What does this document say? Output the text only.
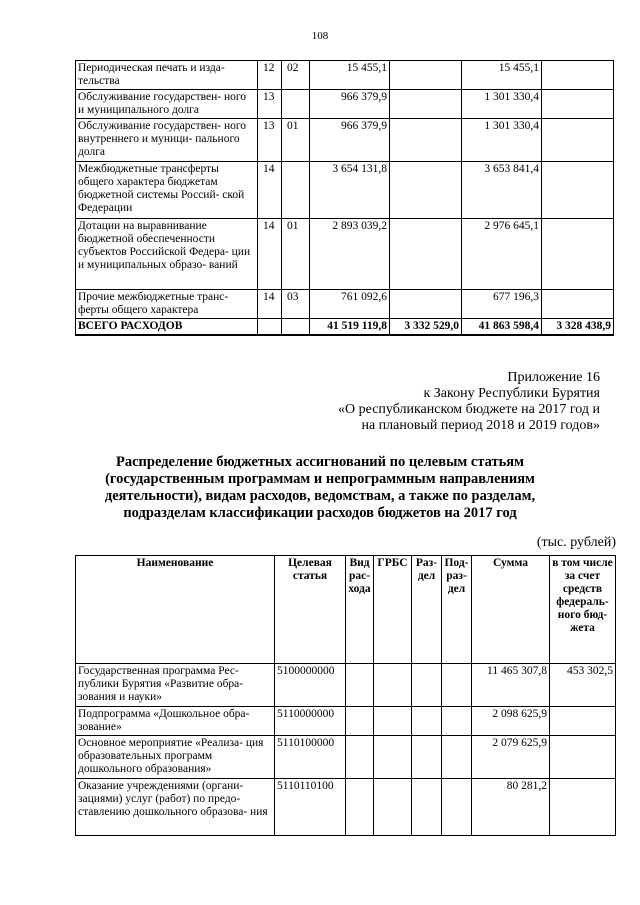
108
Периодическая печать и изда- тельства	12	02	15 455,1		15 455,1	
Обслуживание государствен- ного и муниципального долга	13		966 379,9		1 301 330,4	
Обслуживание государствен- ного внутреннего и муници- пального долга	13	01	966 379,9		1 301 330,4	
Межбюджетные трансферты общего характера бюджетам бюджетной системы Россий- ской Федерации	14		3 654 131,8		3 653 841,4	
Дотации на выравнивание бюджетной обеспеченности субъектов Российской Федера- ции и муниципальных образо- ваний	14	01	2 893 039,2		2 976 645,1	
Прочие межбюджетные транс- ферты общего характера	14	03	761 092,6		677 196,3	
ВСЕГО РАСХОДОВ			41 519 119,8	3 332 529,0	41 863 598,4	3 328 438,9
Приложение 16
к Закону Республики Бурятия
«О республиканском бюджете на 2017 год и
на плановый период 2018 и 2019 годов»
Распределение бюджетных ассигнований по целевым статьям
(государственным программам и непрограммным направлениям
деятельности), видам расходов, ведомствам, а также по разделам,
подразделам классификации расходов бюджетов на 2017 год
(тыс. рублей)
Наименование	Целевая статья	Вид рас- хода	ГРБС	Раз- дел	Под- раз- дел	Сумма	в том числе за счет средств федераль- ного бюд- жета
Государственная программа Рес- публики Бурятия «Развитие обра- зования и науки»	5100000000					11 465 307,8	453 302,5
Подпрограмма «Дошкольное обра- зование»	5110000000					2 098 625,9	
Основное мероприятие «Реализа- ция образовательных программ дошкольного образования»	5110100000					2 079 625,9	
Оказание учреждениями (органи- зациями) услуг (работ) по предо- ставлению дошкольного образова- ния	5110110100					80 281,2	
